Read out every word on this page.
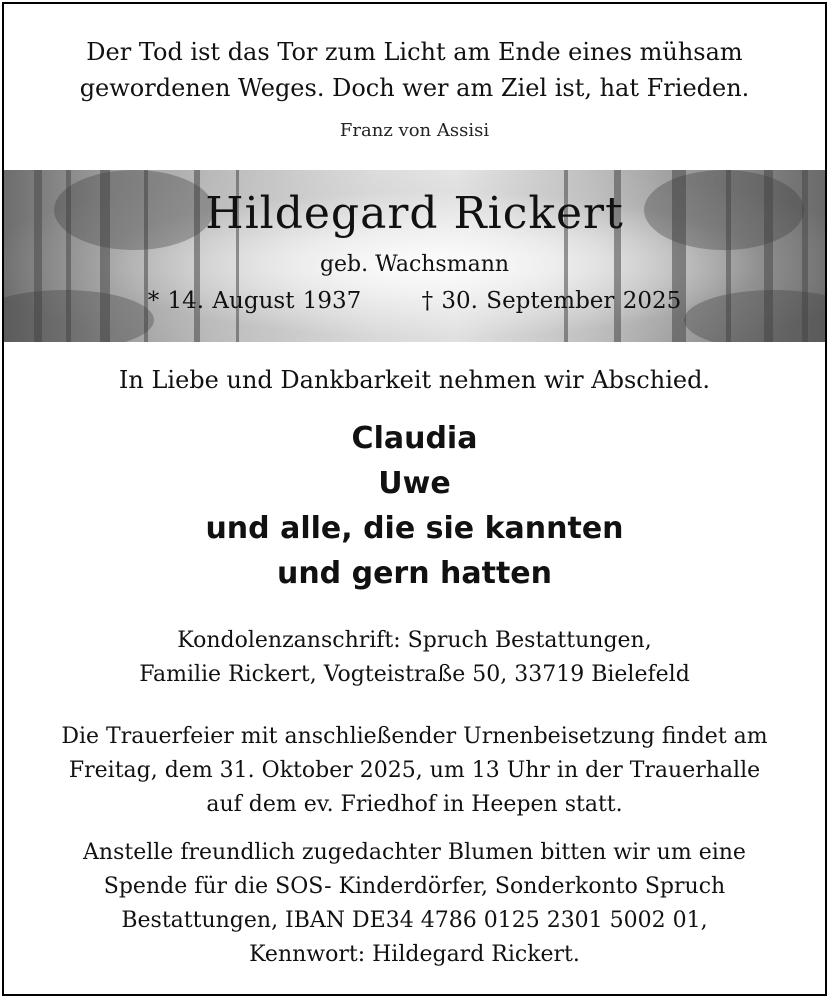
Der Tod ist das Tor zum Licht am Ende eines mühsam
gewordenen Weges. Doch wer am Ziel ist, hat Frieden.
Franz von Assisi
Hildegard Rickert
geb. Wachsmann
* 14. August 1937	† 30. September 2025
In Liebe und Dankbarkeit nehmen wir Abschied.
Claudia
Uwe
und alle, die sie kannten
und gern hatten
Kondolenzanschrift: Spruch Bestattungen,
Familie Rickert, Vogteistraße 50, 33719 Bielefeld
Die Trauerfeier mit anschließender Urnenbeisetzung findet am
Freitag, dem 31. Oktober 2025, um 13 Uhr in der Trauerhalle
auf dem ev. Friedhof in Heepen statt.
Anstelle freundlich zugedachter Blumen bitten wir um eine
Spende für die SOS- Kinderdörfer, Sonderkonto Spruch
Bestattungen, IBAN DE34 4786 0125 2301 5002 01,
Kennwort: Hildegard Rickert.
